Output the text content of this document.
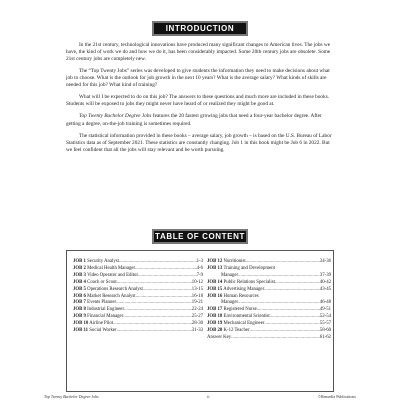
INTRODUCTION

In the 21st century, technological innovations have produced many significant changes to American lives. The jobs we have, the kind of work we do and how we do it, has been considerably impacted. Some 20th century jobs are obsolete. Some 21st century jobs are completely new.

The “Top Twenty Jobs” series was developed to give students the information they need to make decisions about what job to choose. What is the outlook for job growth in the next 10 years? What is the average salary? What kinds of skills are needed for this job? What kind of training?

What will I be expected to do on this job? The answers to these questions and much more are included in these books. Students will be exposed to jobs they might never have heard of or realized they might be good at.

Top Twenty Bachelor Degree Jobs features the 20 fastest growing jobs that need a four-year bachelor degree. After getting a degree, on-the-job training is sometimes required.

The statistical information provided in these books – average salary, job growth – is based on the U.S. Bureau of Labor Statistics data as of September 2021. These statistics are constantly changing. Job 1 in this book might be Job 6 in 2022. But we feel confident that all the jobs will stay relevant and be worth pursuing.

TABLE OF CONTENT
JOB 1 Security Analyst .....	1-3
JOB 2 Medical Health Manager .....	4-6
JOB 3 Video Operator and Editor .....	7-9
JOB 4 Coach or Scout .....	10-12
JOB 5 Operations Research Analyst .....	13-15
JOB 6 Market Research Analyst .....	16-18
JOB 7 Events Planner .....	19-21
JOB 8 Industrial Engineer .....	22-24
JOB 9 Financial Manager .....	25-27
JOB 10 Airline Pilot .....	28-30
JOB 11 Social Worker .....	31-33
JOB 12 Nutritionist .....	34-36
JOB 13 Training and Development
Manager .....	37-39
JOB 14 Public Relations Specialist .....	40-42
JOB 15 Advertising Manager .....	43-45
JOB 16 Human Resources
Manager .....	46-48
JOB 17 Registered Nurse .....	49-51
JOB 18 Environmental Scientist .....	52-54
JOB 19 Mechanical Engineer .....	55-57
JOB 20 K-12 Teacher .....	58-60
Answer Key .....	61-62
Top Twenty Bachelor Degree Jobs	ii	©Remedia Publications
